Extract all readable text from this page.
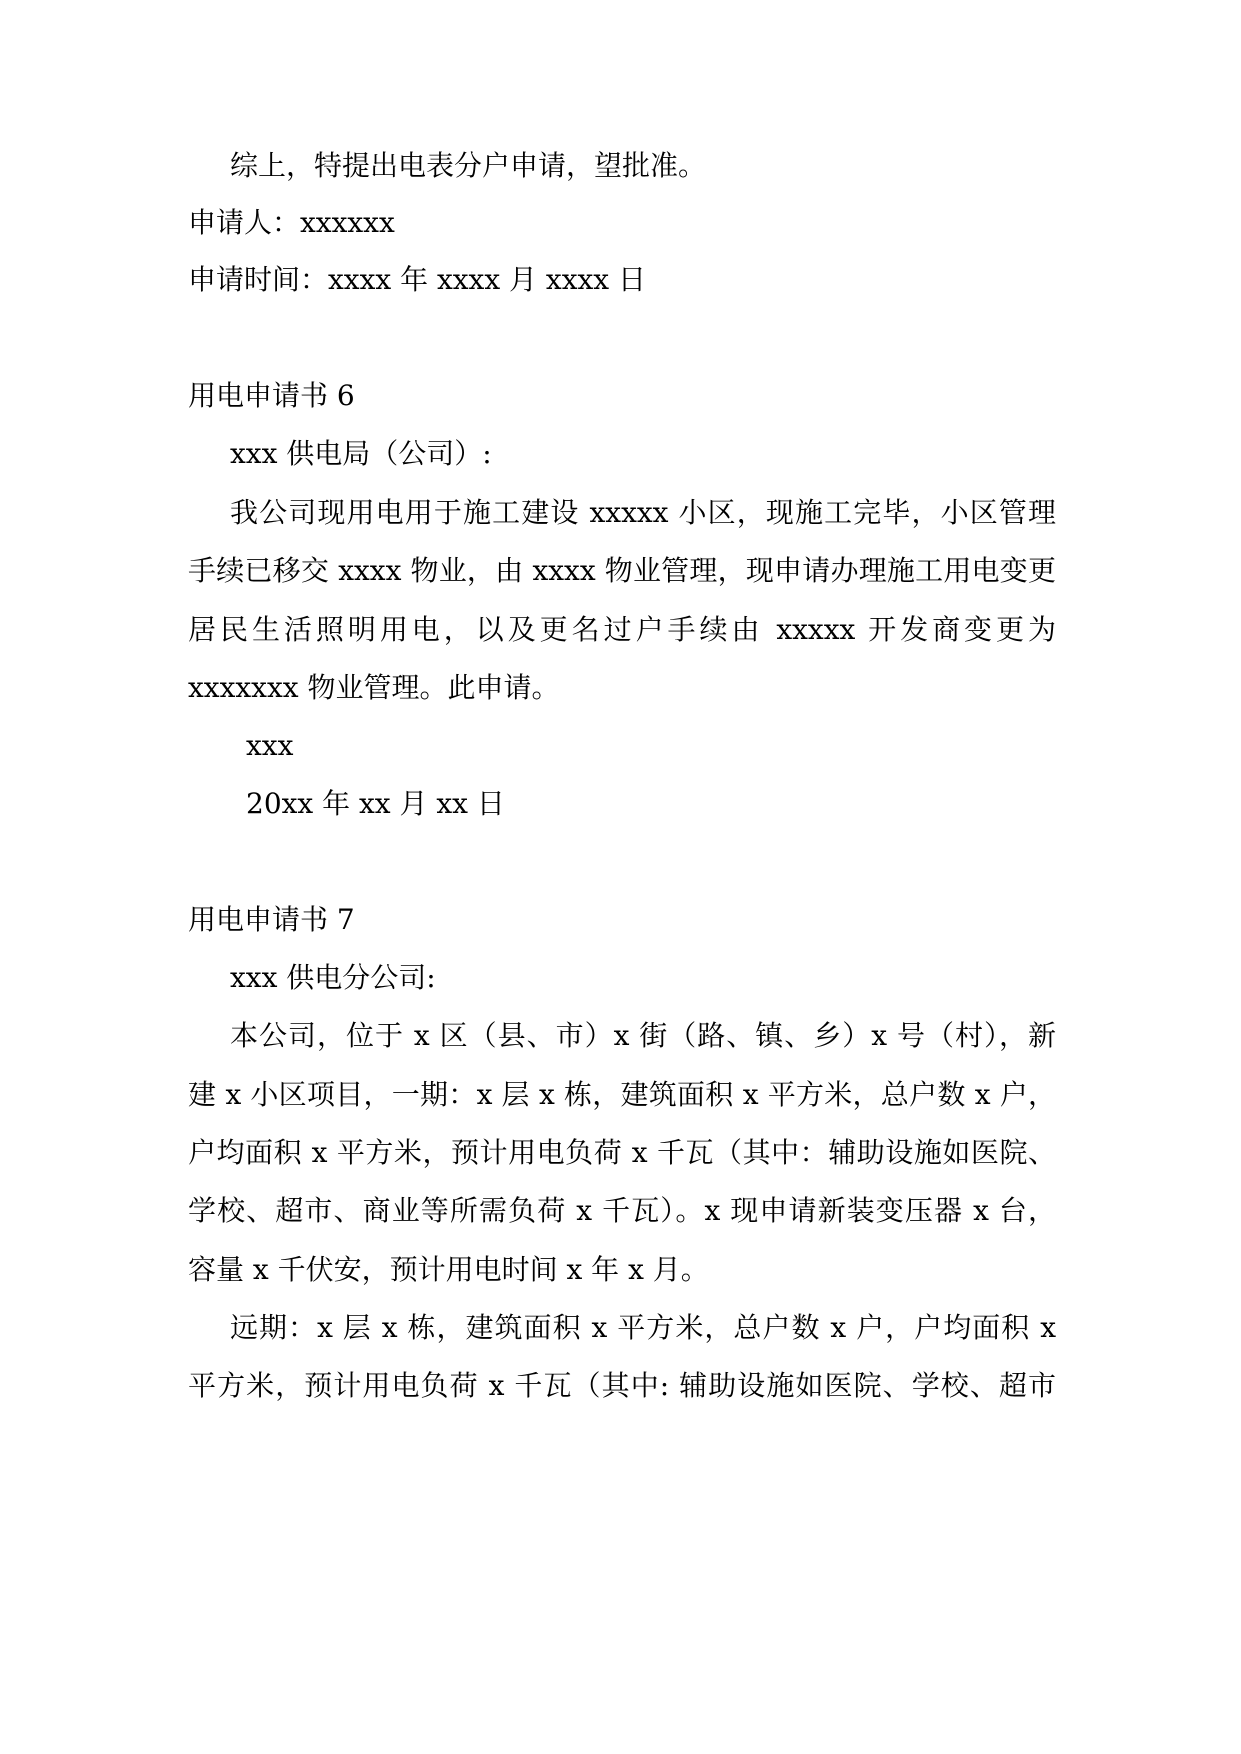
综上，特提出电表分户申请，望批准。
申请人：xxxxxx
申请时间：xxxx 年 xxxx 月 xxxx 日
用电申请书 6
xxx 供电局（公司）:
我公司现用电用于施工建设 xxxxx 小区，现施工完毕，小区管理
手续已移交 xxxx 物业，由 xxxx 物业管理，现申请办理施工用电变更
居民生活照明用电，以及更名过户手续由 xxxxx 开发商变更为
xxxxxxx 物业管理。此申请。
xxx
20xx 年 xx 月 xx 日
用电申请书 7
xxx 供电分公司:
本公司，位于 x 区（县、市）x 街（路、镇、乡）x 号（村），新
建 x 小区项目，一期：x 层 x 栋，建筑面积 x 平方米，总户数 x 户，
户均面积 x 平方米，预计用电负荷 x 千瓦（其中：辅助设施如医院、
学校、超市、商业等所需负荷 x 千瓦）。x 现申请新装变压器 x 台，
容量 x 千伏安，预计用电时间 x 年 x 月。
远期：x 层 x 栋，建筑面积 x 平方米，总户数 x 户，户均面积 x
平方米，预计用电负荷 x 千瓦（其中: 辅助设施如医院、学校、超市
